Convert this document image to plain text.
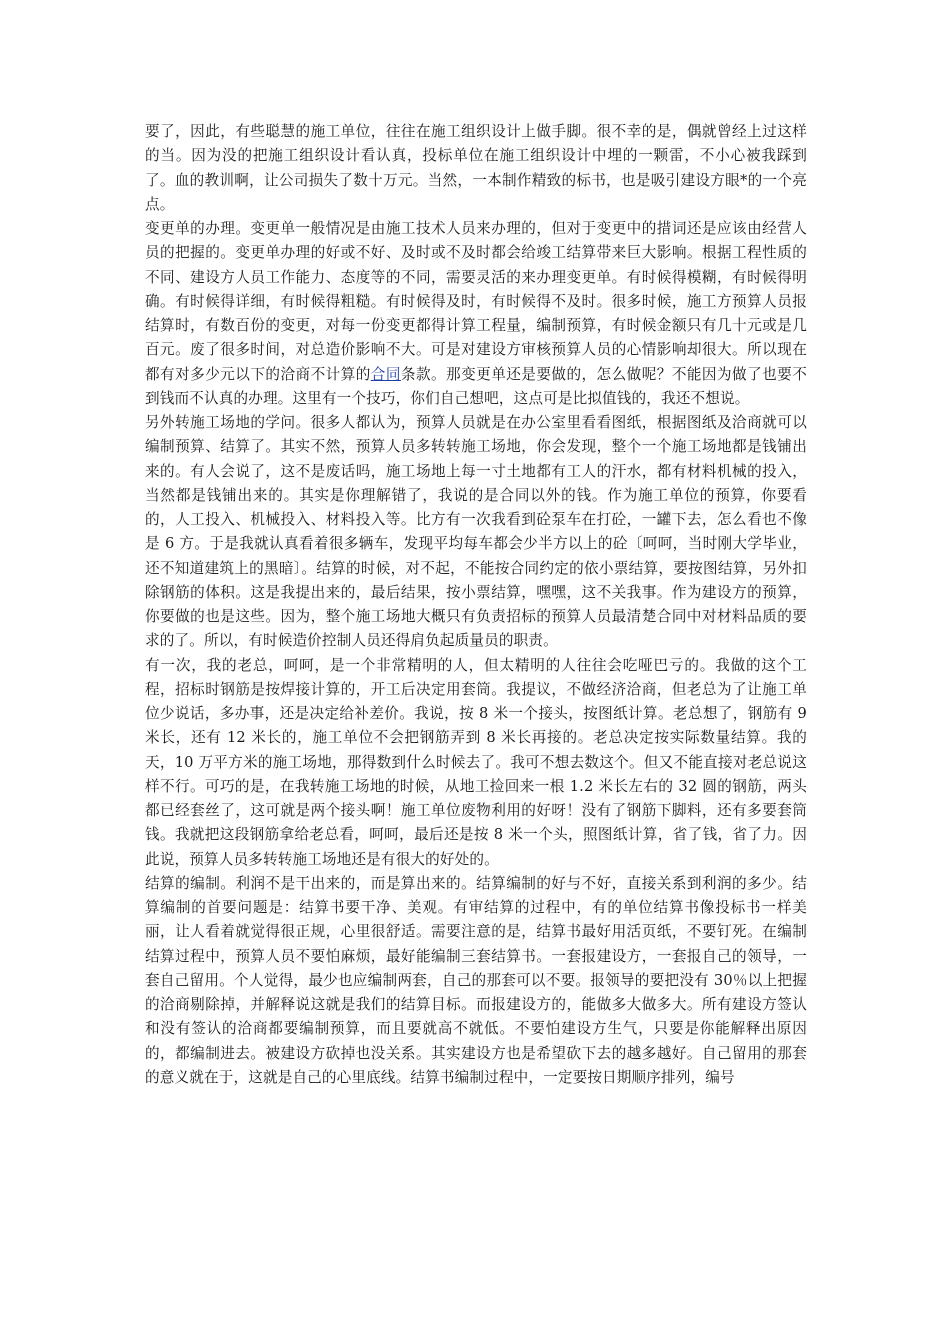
要了，因此，有些聪慧的施工单位，往往在施工组织设计上做手脚。很不幸的是，偶就曾经上过这样的当。因为没的把施工组织设计看认真，投标单位在施工组织设计中埋的一颗雷，不小心被我踩到了。血的教训啊，让公司损失了数十万元。当然，一本制作精致的标书，也是吸引建设方眼*的一个亮点。

变更单的办理。变更单一般情况是由施工技术人员来办理的，但对于变更中的措词还是应该由经营人员的把握的。变更单办理的好或不好、及时或不及时都会给竣工结算带来巨大影响。根据工程性质的不同、建设方人员工作能力、态度等的不同，需要灵活的来办理变更单。有时候得模糊，有时候得明确。有时候得详细，有时候得粗糙。有时候得及时，有时候得不及时。很多时候，施工方预算人员报结算时，有数百份的变更，对每一份变更都得计算工程量，编制预算，有时候金额只有几十元或是几百元。废了很多时间，对总造价影响不大。可是对建设方审核预算人员的心情影响却很大。所以现在都有对多少元以下的洽商不计算的合同条款。那变更单还是要做的，怎么做呢？不能因为做了也要不到钱而不认真的办理。这里有一个技巧，你们自己想吧，这点可是比拟值钱的，我还不想说。

另外转施工场地的学问。很多人都认为，预算人员就是在办公室里看看图纸，根据图纸及洽商就可以编制预算、结算了。其实不然，预算人员多转转施工场地，你会发现，整个一个施工场地都是钱铺出来的。有人会说了，这不是废话吗，施工场地上每一寸土地都有工人的汗水，都有材料机械的投入，当然都是钱铺出来的。其实是你理解错了，我说的是合同以外的钱。作为施工单位的预算，你要看的，人工投入、机械投入、材料投入等。比方有一次我看到砼泵车在打砼，一罐下去，怎么看也不像是 6 方。于是我就认真看着很多辆车，发现平均每车都会少半方以上的砼〔呵呵，当时刚大学毕业，还不知道建筑上的黑暗〕。结算的时候，对不起，不能按合同约定的依小票结算，要按图结算，另外扣除钢筋的体积。这是我提出来的，最后结果，按小票结算，嘿嘿，这不关我事。作为建设方的预算，你要做的也是这些。因为，整个施工场地大概只有负责招标的预算人员最清楚合同中对材料品质的要求的了。所以，有时候造价控制人员还得肩负起质量员的职责。

有一次，我的老总，呵呵，是一个非常精明的人，但太精明的人往往会吃哑巴亏的。我做的这个工程，招标时钢筋是按焊接计算的，开工后决定用套筒。我提议，不做经济洽商，但老总为了让施工单位少说话，多办事，还是决定给补差价。我说，按 8 米一个接头，按图纸计算。老总想了，钢筋有 9 米长，还有 12 米长的，施工单位不会把钢筋弄到 8 米长再接的。老总决定按实际数量结算。我的天，10 万平方米的施工场地，那得数到什么时候去了。我可不想去数这个。但又不能直接对老总说这样不行。可巧的是，在我转施工场地的时候，从地工捡回来一根 1.2 米长左右的 32 圆的钢筋，两头都已经套丝了，这可就是两个接头啊！施工单位废物利用的好呀！没有了钢筋下脚料，还有多要套筒钱。我就把这段钢筋拿给老总看，呵呵，最后还是按 8 米一个头，照图纸计算，省了钱，省了力。因此说，预算人员多转转施工场地还是有很大的好处的。

结算的编制。利润不是干出来的，而是算出来的。结算编制的好与不好，直接关系到利润的多少。结算编制的首要问题是：结算书要干净、美观。有审结算的过程中，有的单位结算书像投标书一样美丽，让人看着就觉得很正规，心里很舒适。需要注意的是，结算书最好用活页纸，不要钉死。在编制结算过程中，预算人员不要怕麻烦，最好能编制三套结算书。一套报建设方，一套报自己的领导，一套自己留用。个人觉得，最少也应编制两套，自己的那套可以不要。报领导的要把没有 30％以上把握的洽商剔除掉，并解释说这就是我们的结算目标。而报建设方的，能做多大做多大。所有建设方签认和没有签认的洽商都要编制预算，而且要就高不就低。不要怕建设方生气，只要是你能解释出原因的，都编制进去。被建设方砍掉也没关系。其实建设方也是希望砍下去的越多越好。自己留用的那套的意义就在于，这就是自己的心里底线。结算书编制过程中，一定要按日期顺序排列，编号
